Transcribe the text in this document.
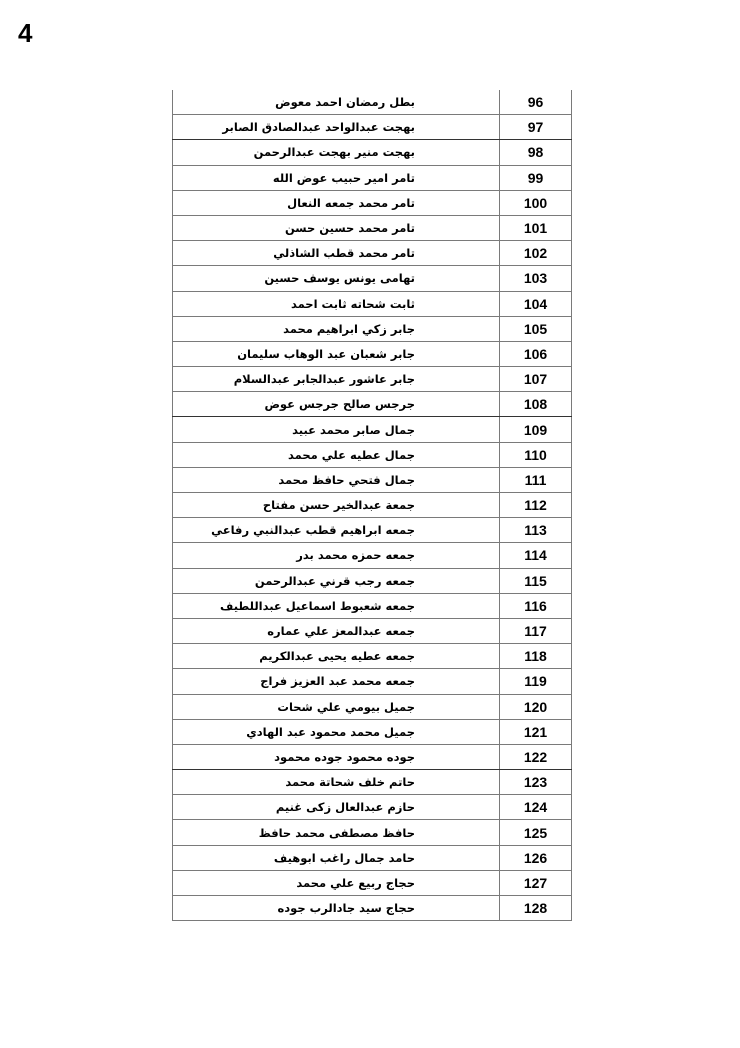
4
بطل رمضان احمد معوض	96
بهجت عبدالواحد عبدالصادق الصابر	97
بهجت منير بهجت عبدالرحمن	98
تامر امير حبيب عوض الله	99
تامر محمد جمعه النعال	100
تامر محمد حسين حسن	101
تامر محمد قطب الشاذلي	102
تهامى يونس يوسف حسين	103
ثابت شحاته ثابت احمد	104
جابر زكي ابراهيم محمد	105
جابر شعبان عبد الوهاب سليمان	106
جابر عاشور عبدالجابر عبدالسلام	107
جرجس صالح جرجس عوض	108
جمال صابر محمد عبيد	109
جمال عطيه علي محمد	110
جمال فتحي حافظ محمد	111
جمعة عبدالخير حسن مفتاح	112
جمعه ابراهيم قطب عبدالنبي رفاعي	113
جمعه حمزه محمد بدر	114
جمعه رجب قرني عبدالرحمن	115
جمعه شعبوط اسماعيل عبداللطيف	116
جمعه عبدالمعز علي عماره	117
جمعه عطيه يحيى عبدالكريم	118
جمعه محمد عبد العزيز فراج	119
جميل بيومي علي شحات	120
جميل محمد محمود عبد الهادي	121
جوده محمود جوده محمود	122
حاتم خلف شحاتة محمد	123
حازم عبدالعال زكى غنيم	124
حافظ مصطفى محمد حافظ	125
حامد جمال راغب ابوهيف	126
حجاج ربيع علي محمد	127
حجاج سيد جادالرب جوده	128
